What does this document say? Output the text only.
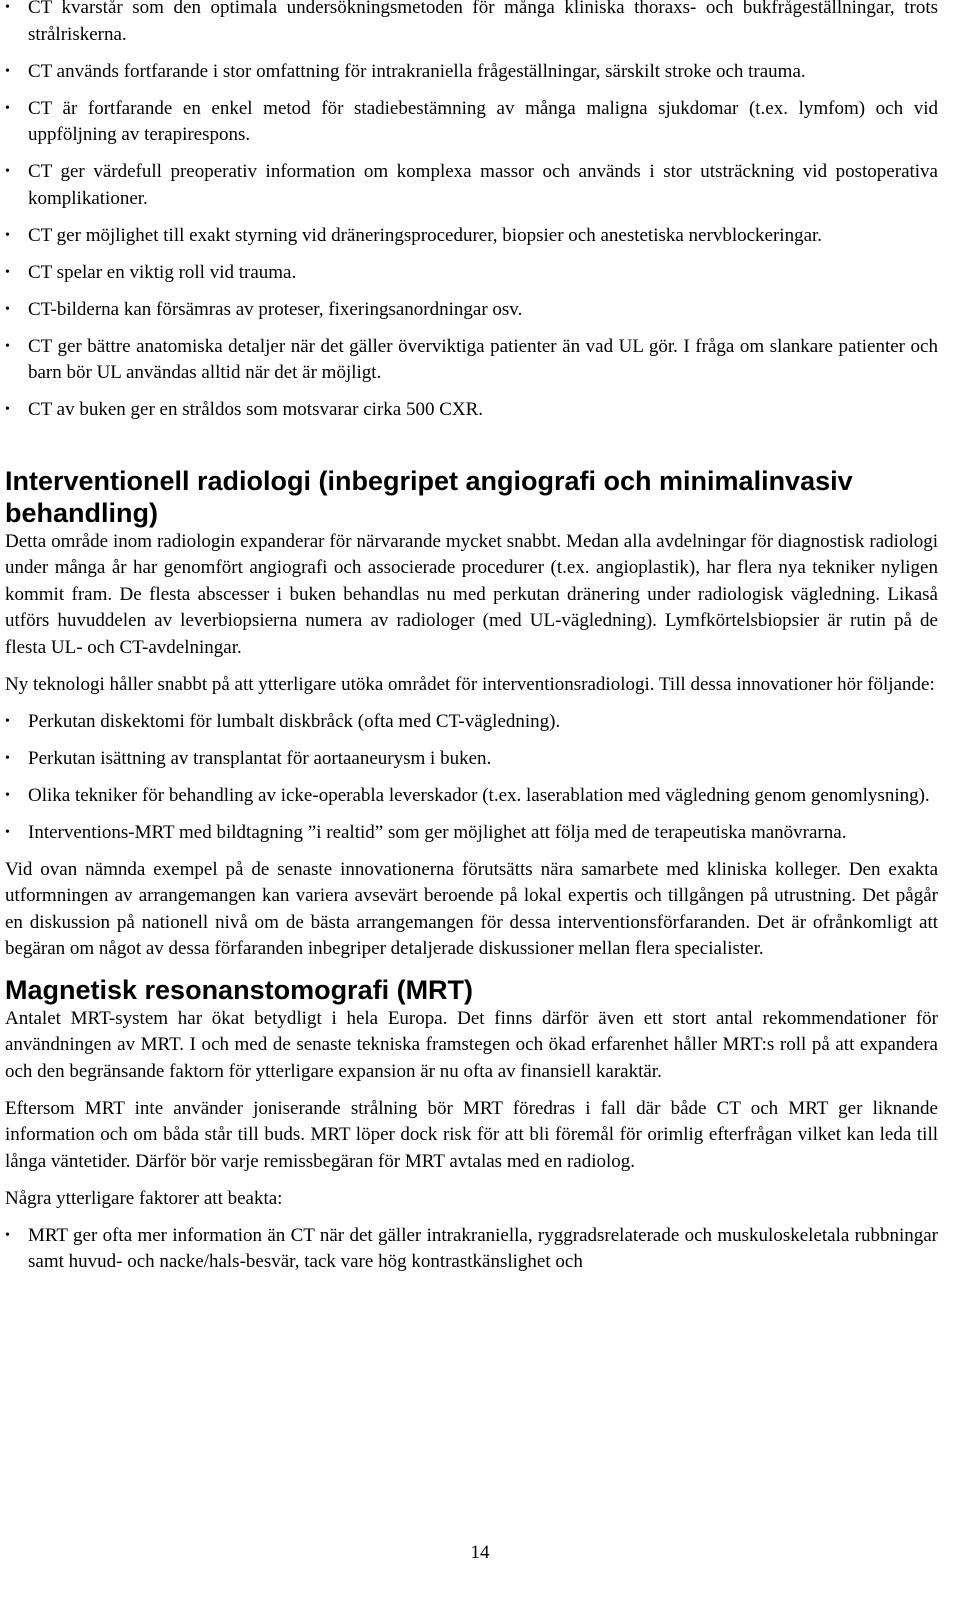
• CT kvarstår som den optimala undersökningsmetoden för många kliniska thoraxs- och bukfrågeställningar, trots strålriskerna.
• CT används fortfarande i stor omfattning för intrakraniella frågeställningar, särskilt stroke och trauma.
• CT är fortfarande en enkel metod för stadiebestämning av många maligna sjukdomar (t.ex. lymfom) och vid uppföljning av terapirespons.
• CT ger värdefull preoperativ information om komplexa massor och används i stor utsträckning vid postoperativa komplikationer.
• CT ger möjlighet till exakt styrning vid dräneringsprocedurer, biopsier och anestetiska nervblockeringar.
• CT spelar en viktig roll vid trauma.
• CT-bilderna kan försämras av proteser, fixeringsanordningar osv.
• CT ger bättre anatomiska detaljer när det gäller överviktiga patienter än vad UL gör. I fråga om slankare patienter och barn bör UL användas alltid när det är möjligt.
• CT av buken ger en stråldos som motsvarar cirka 500 CXR.
Interventionell radiologi (inbegripet angiografi och minimalinvasiv behandling)

Detta område inom radiologin expanderar för närvarande mycket snabbt. Medan alla avdelningar för diagnostisk radiologi under många år har genomfört angiografi och associerade procedurer (t.ex. angioplastik), har flera nya tekniker nyligen kommit fram. De flesta abscesser i buken behandlas nu med perkutan dränering under radiologisk vägledning. Likaså utförs huvuddelen av leverbiopsierna numera av radiologer (med UL-vägledning). Lymfkörtelsbiopsier är rutin på de flesta UL- och CT-avdelningar.

Ny teknologi håller snabbt på att ytterligare utöka området för interventionsradiologi. Till dessa innovationer hör följande:

• Perkutan diskektomi för lumbalt diskbråck (ofta med CT-vägledning).
• Perkutan isättning av transplantat för aortaaneurysm i buken.
• Olika tekniker för behandling av icke-operabla leverskador (t.ex. laserablation med vägledning genom genomlysning).
• Interventions-MRT med bildtagning ”i realtid” som ger möjlighet att följa med de terapeutiska manövrarna.

Vid ovan nämnda exempel på de senaste innovationerna förutsätts nära samarbete med kliniska kolleger. Den exakta utformningen av arrangemangen kan variera avsevärt beroende på lokal expertis och tillgången på utrustning. Det pågår en diskussion på nationell nivå om de bästa arrangemangen för dessa interventionsförfaranden. Det är ofrånkomligt att begäran om något av dessa förfaranden inbegriper detaljerade diskussioner mellan flera specialister.

Magnetisk resonanstomografi (MRT)

Antalet MRT-system har ökat betydligt i hela Europa. Det finns därför även ett stort antal rekommendationer för användningen av MRT. I och med de senaste tekniska framstegen och ökad erfarenhet håller MRT:s roll på att expandera och den begränsande faktorn för ytterligare expansion är nu ofta av finansiell karaktär.

Eftersom MRT inte använder joniserande strålning bör MRT föredras i fall där både CT och MRT ger liknande information och om båda står till buds. MRT löper dock risk för att bli föremål för orimlig efterfrågan vilket kan leda till långa väntetider. Därför bör varje remissbegäran för MRT avtalas med en radiolog.

Några ytterligare faktorer att beakta:

• MRT ger ofta mer information än CT när det gäller intrakraniella, ryggradsrelaterade och muskuloskeletala rubbningar samt huvud- och nacke/hals-besvär, tack vare hög kontrastkänslighet och
14
